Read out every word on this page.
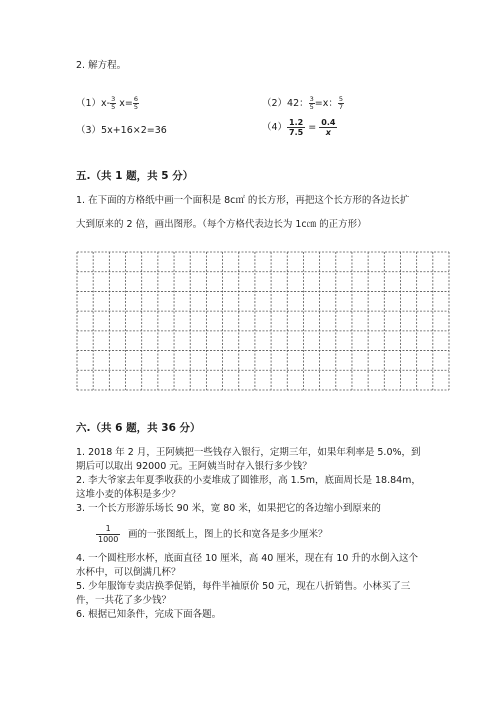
2. 解方程。
$(1)x- \frac{3}{5} x= \frac{6}{5}$	（2）42： $\frac{3}{5} =x$： $\frac{5}{7}$
（3）5x+16×2=36	$(4) \frac{1.2}{7.5} = \frac{0.4}{x}$
五.（共 1 题，共 5 分）
1. 在下面的方格纸中画一个面积是 8c㎡ 的长方形，再把这个长方形的各边长扩
大到原来的 2 倍，画出图形。（每个方格代表边长为 1c㎝ 的正方形）
六.（共 6 题，共 36 分）
1. 2018 年 2 月，王阿姨把一些钱存入银行，定期三年，如果年利率是 5.0%，到
期后可以取出 92000 元。王阿姨当时存入银行多少钱？
2. 李大爷家去年夏季收获的小麦堆成了圆锥形，高 1.5m，底面周长是 18.84m，
这堆小麦的体积是多少？
3. 一个长方形游乐场长 90 米，宽 80 米，如果把它的各边缩小到原来的
$\frac{1}{1000}$ 画的一张图纸上，图上的长和宽各是多少厘米？
4. 一个圆柱形水杯，底面直径 10 厘米，高 40 厘米，现在有 10 升的水倒入这个
水杯中，可以倒满几杯？
5. 少年服饰专卖店换季促销，每件半袖原价 50 元，现在八折销售。小林买了三
件，一共花了多少钱？
6. 根据已知条件，完成下面各题。
